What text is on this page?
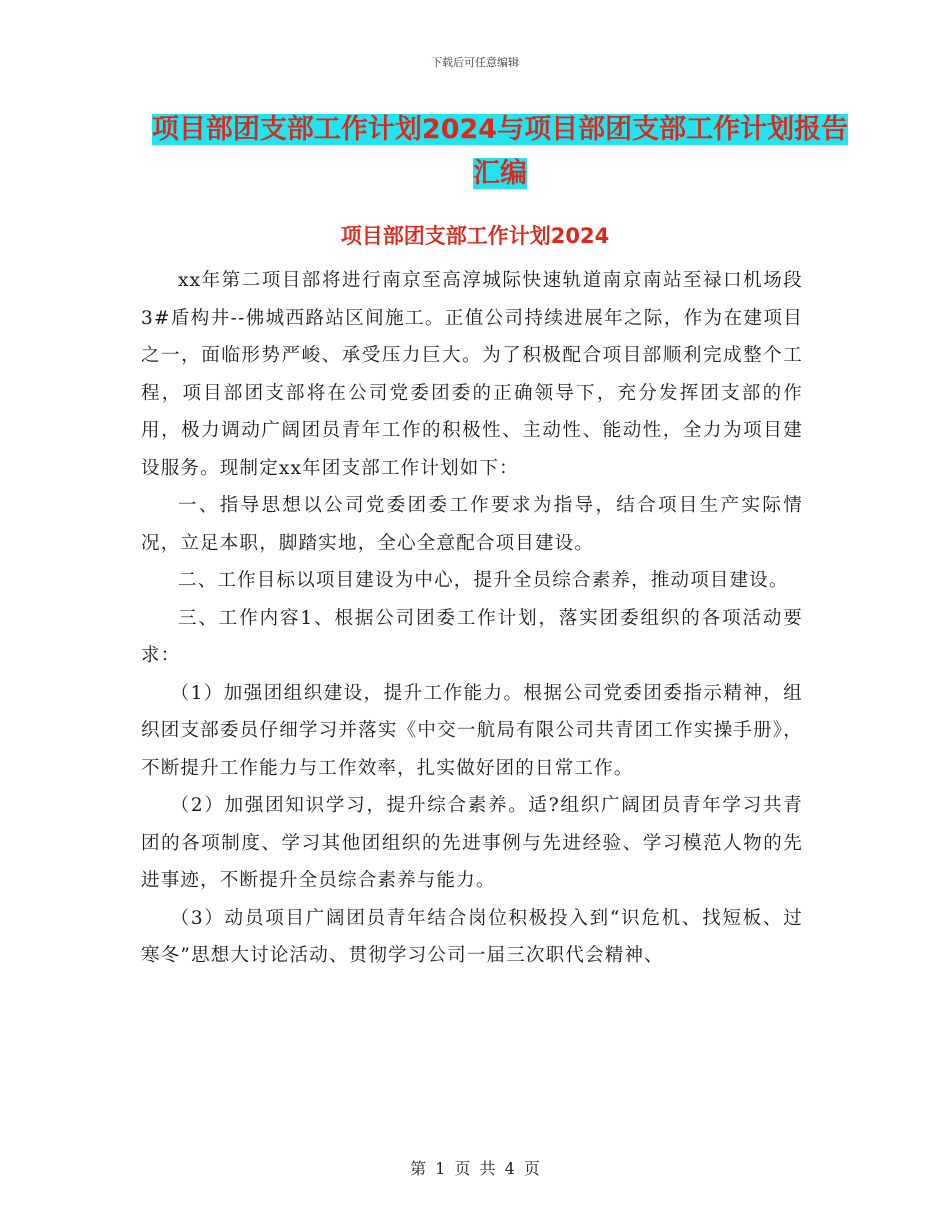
下载后可任意编辑
项目部团支部工作计划2024与项目部团支部工作计划报告汇编
项目部团支部工作计划2024

xx年第二项目部将进行南京至高淳城际快速轨道南京南站至禄口机场段3#盾构井--佛城西路站区间施工。正值公司持续进展年之际，作为在建项目之一，面临形势严峻、承受压力巨大。为了积极配合项目部顺利完成整个工程，项目部团支部将在公司党委团委的正确领导下，充分发挥团支部的作用，极力调动广阔团员青年工作的积极性、主动性、能动性，全力为项目建设服务。现制定xx年团支部工作计划如下：

一、指导思想以公司党委团委工作要求为指导，结合项目生产实际情况，立足本职，脚踏实地，全心全意配合项目建设。

二、工作目标以项目建设为中心，提升全员综合素养，推动项目建设。

三、工作内容1、根据公司团委工作计划，落实团委组织的各项活动要求：

（1）加强团组织建设，提升工作能力。根据公司党委团委指示精神，组织团支部委员仔细学习并落实《中交一航局有限公司共青团工作实操手册》，不断提升工作能力与工作效率，扎实做好团的日常工作。

（2）加强团知识学习，提升综合素养。适?组织广阔团员青年学习共青团的各项制度、学习其他团组织的先进事例与先进经验、学习模范人物的先进事迹，不断提升全员综合素养与能力。

（3）动员项目广阔团员青年结合岗位积极投入到“识危机、找短板、过寒冬”思想大讨论活动、贯彻学习公司一届三次职代会精神、

第 1 页 共 4 页
